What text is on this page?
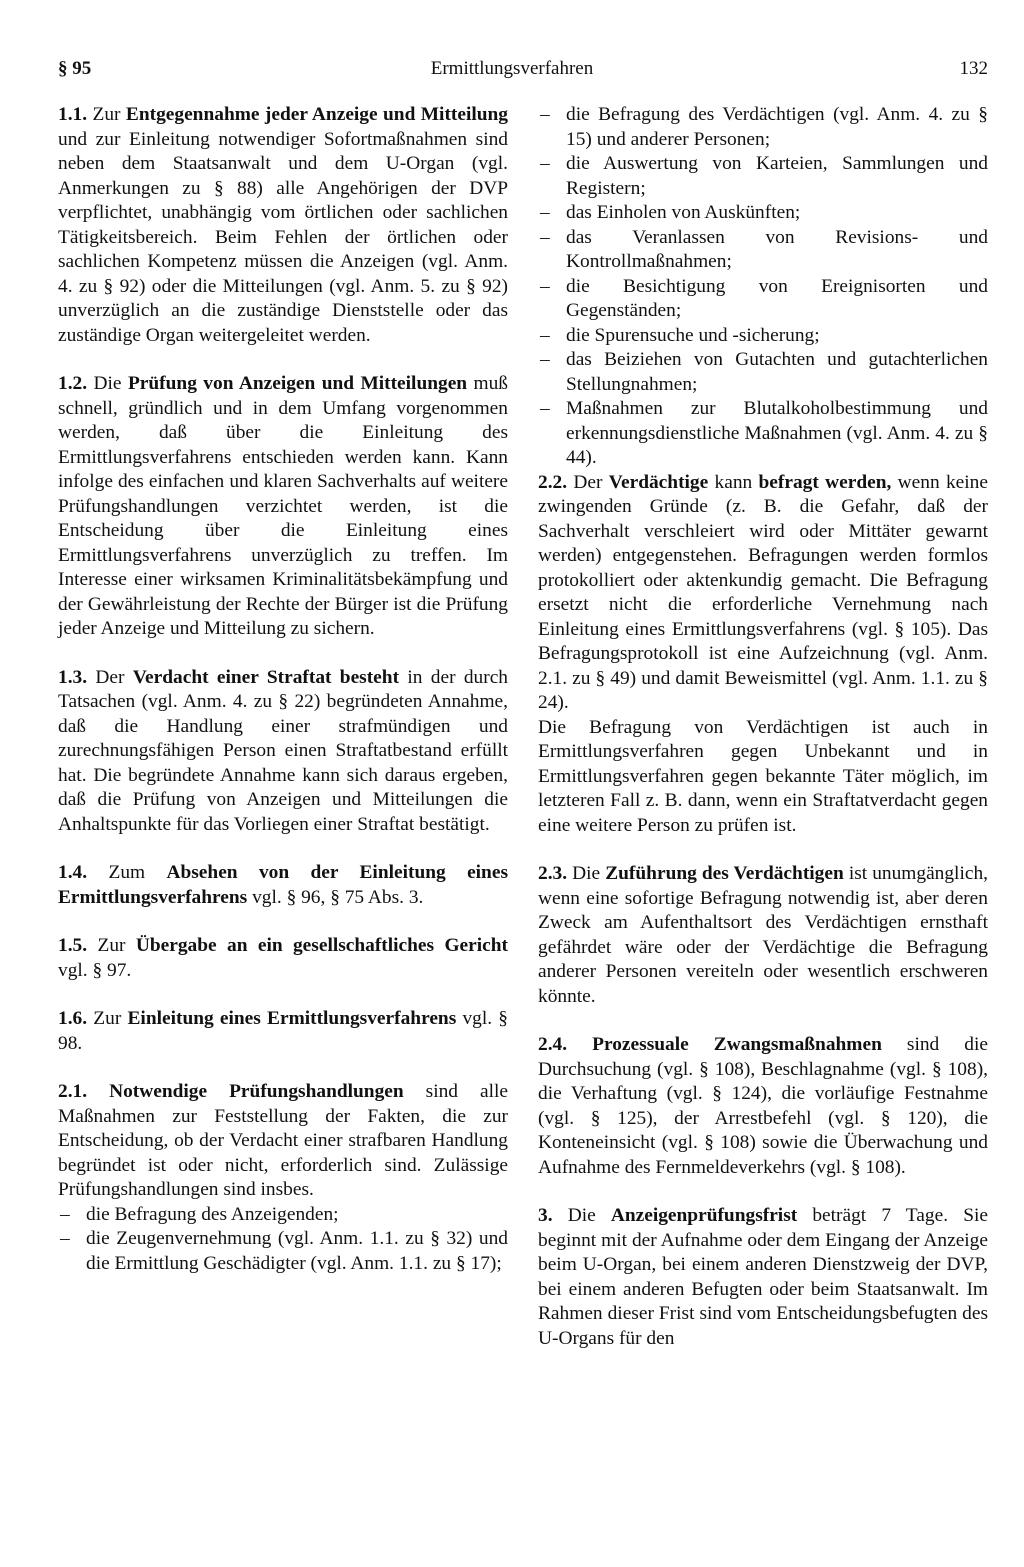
§ 95	Ermittlungsverfahren	132

1.1. Zur Entgegennahme jeder Anzeige und Mitteilung und zur Einleitung notwendiger Sofortmaßnahmen sind neben dem Staatsanwalt und dem U-Organ (vgl. Anmerkungen zu § 88) alle Angehörigen der DVP verpflichtet, unabhängig vom örtlichen oder sachlichen Tätigkeitsbereich. Beim Fehlen der örtlichen oder sachlichen Kompetenz müssen die Anzeigen (vgl. Anm. 4. zu § 92) oder die Mitteilungen (vgl. Anm. 5. zu § 92) unverzüglich an die zuständige Dienststelle oder das zuständige Organ weitergeleitet werden.

1.2. Die Prüfung von Anzeigen und Mitteilungen muß schnell, gründlich und in dem Umfang vorgenommen werden, daß über die Einleitung des Ermittlungsverfahrens entschieden werden kann. Kann infolge des einfachen und klaren Sachverhalts auf weitere Prüfungshandlungen verzichtet werden, ist die Entscheidung über die Einleitung eines Ermittlungsverfahrens unverzüglich zu treffen. Im Interesse einer wirksamen Kriminalitätsbekämpfung und der Gewährleistung der Rechte der Bürger ist die Prüfung jeder Anzeige und Mitteilung zu sichern.

1.3. Der Verdacht einer Straftat besteht in der durch Tatsachen (vgl. Anm. 4. zu § 22) begründeten Annahme, daß die Handlung einer strafmündigen und zurechnungsfähigen Person einen Straftatbestand erfüllt hat. Die begründete Annahme kann sich daraus ergeben, daß die Prüfung von Anzeigen und Mitteilungen die Anhaltspunkte für das Vorliegen einer Straftat bestätigt.

1.4. Zum Absehen von der Einleitung eines Ermittlungsverfahrens vgl. § 96, § 75 Abs. 3.

1.5. Zur Übergabe an ein gesellschaftliches Gericht vgl. § 97.

1.6. Zur Einleitung eines Ermittlungsverfahrens vgl. § 98.

2.1. Notwendige Prüfungshandlungen sind alle Maßnahmen zur Feststellung der Fakten, die zur Entscheidung, ob der Verdacht einer strafbaren Handlung begründet ist oder nicht, erforderlich sind. Zulässige Prüfungshandlungen sind insbes.

– die Befragung des Anzeigenden;
– die Zeugenvernehmung (vgl. Anm. 1.1. zu § 32) und die Ermittlung Geschädigter (vgl. Anm. 1.1. zu § 17);
– die Befragung des Verdächtigen (vgl. Anm. 4. zu § 15) und anderer Personen;
– die Auswertung von Karteien, Sammlungen und Registern;
– das Einholen von Auskünften;
– das Veranlassen von Revisions- und Kontrollmaßnahmen;
– die Besichtigung von Ereignisorten und Gegenständen;
– die Spurensuche und -sicherung;
– das Beiziehen von Gutachten und gutachterlichen Stellungnahmen;
– Maßnahmen zur Blutalkoholbestimmung und erkennungsdienstliche Maßnahmen (vgl. Anm. 4. zu § 44).

2.2. Der Verdächtige kann befragt werden, wenn keine zwingenden Gründe (z. B. die Gefahr, daß der Sachverhalt verschleiert wird oder Mittäter gewarnt werden) entgegenstehen. Befragungen werden formlos protokolliert oder aktenkundig gemacht. Die Befragung ersetzt nicht die erforderliche Vernehmung nach Einleitung eines Ermittlungsverfahrens (vgl. § 105). Das Befragungsprotokoll ist eine Aufzeichnung (vgl. Anm. 2.1. zu § 49) und damit Beweismittel (vgl. Anm. 1.1. zu § 24).

Die Befragung von Verdächtigen ist auch in Ermittlungsverfahren gegen Unbekannt und in Ermittlungsverfahren gegen bekannte Täter möglich, im letzteren Fall z. B. dann, wenn ein Straftatverdacht gegen eine weitere Person zu prüfen ist.

2.3. Die Zuführung des Verdächtigen ist unumgänglich, wenn eine sofortige Befragung notwendig ist, aber deren Zweck am Aufenthaltsort des Verdächtigen ernsthaft gefährdet wäre oder der Verdächtige die Befragung anderer Personen vereiteln oder wesentlich erschweren könnte.

2.4. Prozessuale Zwangsmaßnahmen sind die Durchsuchung (vgl. § 108), Beschlagnahme (vgl. § 108), die Verhaftung (vgl. § 124), die vorläufige Festnahme (vgl. § 125), der Arrestbefehl (vgl. § 120), die Konteneinsicht (vgl. § 108) sowie die Überwachung und Aufnahme des Fernmeldeverkehrs (vgl. § 108).

3. Die Anzeigenprüfungsfrist beträgt 7 Tage. Sie beginnt mit der Aufnahme oder dem Eingang der Anzeige beim U-Organ, bei einem anderen Dienstzweig der DVP, bei einem anderen Befugten oder beim Staatsanwalt. Im Rahmen dieser Frist sind vom Entscheidungsbefugten des U-Organs für den
